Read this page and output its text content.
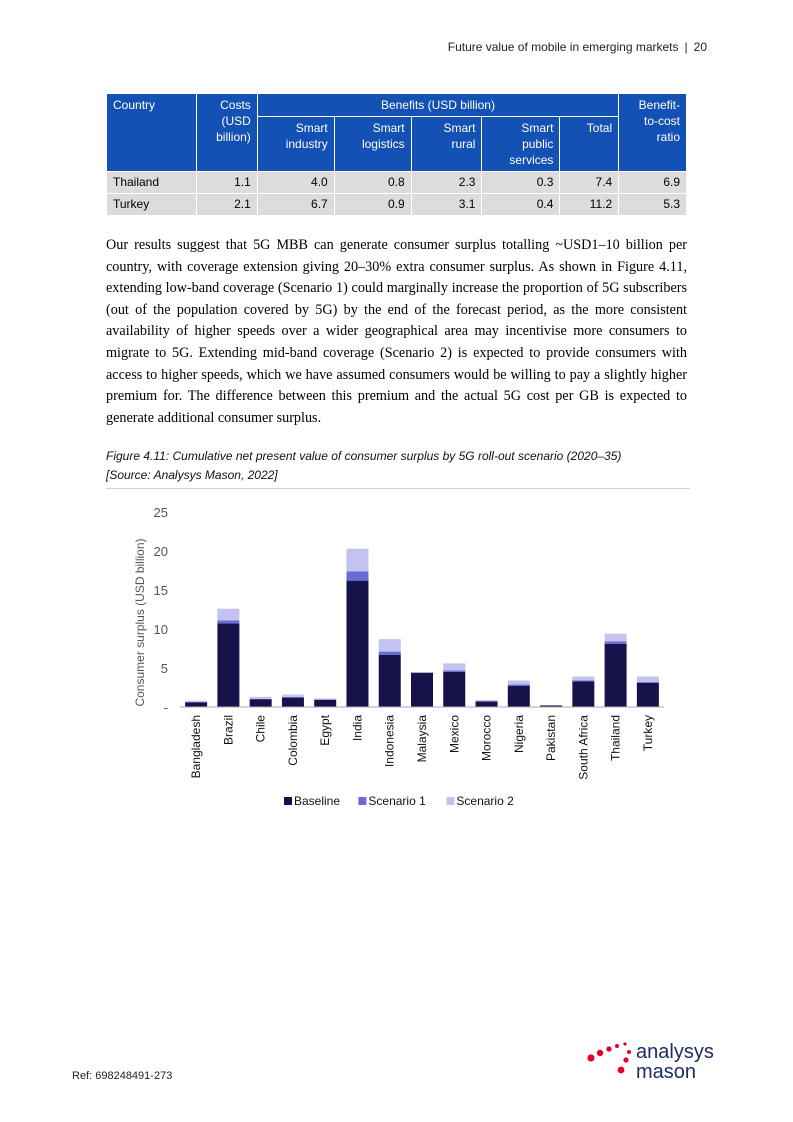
Future value of mobile in emerging markets | 20
Country	Costs (USD billion)	Benefits (USD billion)					Benefit-to-cost ratio
		Smart industry	Smart logistics	Smart rural	Smart public services	Total	
Thailand	1.1	4.0	0.8	2.3	0.3	7.4	6.9
Turkey	2.1	6.7	0.9	3.1	0.4	11.2	5.3

Our results suggest that 5G MBB can generate consumer surplus totalling ~USD1–10 billion per country, with coverage extension giving 20–30% extra consumer surplus. As shown in Figure 4.11, extending low-band coverage (Scenario 1) could marginally increase the proportion of 5G subscribers (out of the population covered by 5G) by the end of the forecast period, as the more consistent availability of higher speeds over a wider geographical area may incentivise more consumers to migrate to 5G. Extending mid-band coverage (Scenario 2) is expected to provide consumers with access to higher speeds, which we have assumed consumers would be willing to pay a slightly higher premium for. The difference between this premium and the actual 5G cost per GB is expected to generate additional consumer surplus.

Figure 4.11: Cumulative net present value of consumer surplus by 5G roll-out scenario (2020–35)
[Source: Analysys Mason, 2022]
-
5
10
15
20
25
Consumer surplus (USD billion)
Bangladesh Brazil Chile Colombia Egypt India Indonesia Malaysia Mexico Morocco Nigeria Pakistan South Africa Thailand Turkey
Baseline Scenario 1	Scenario 2
Ref: 698248491-273
analysys
mason
